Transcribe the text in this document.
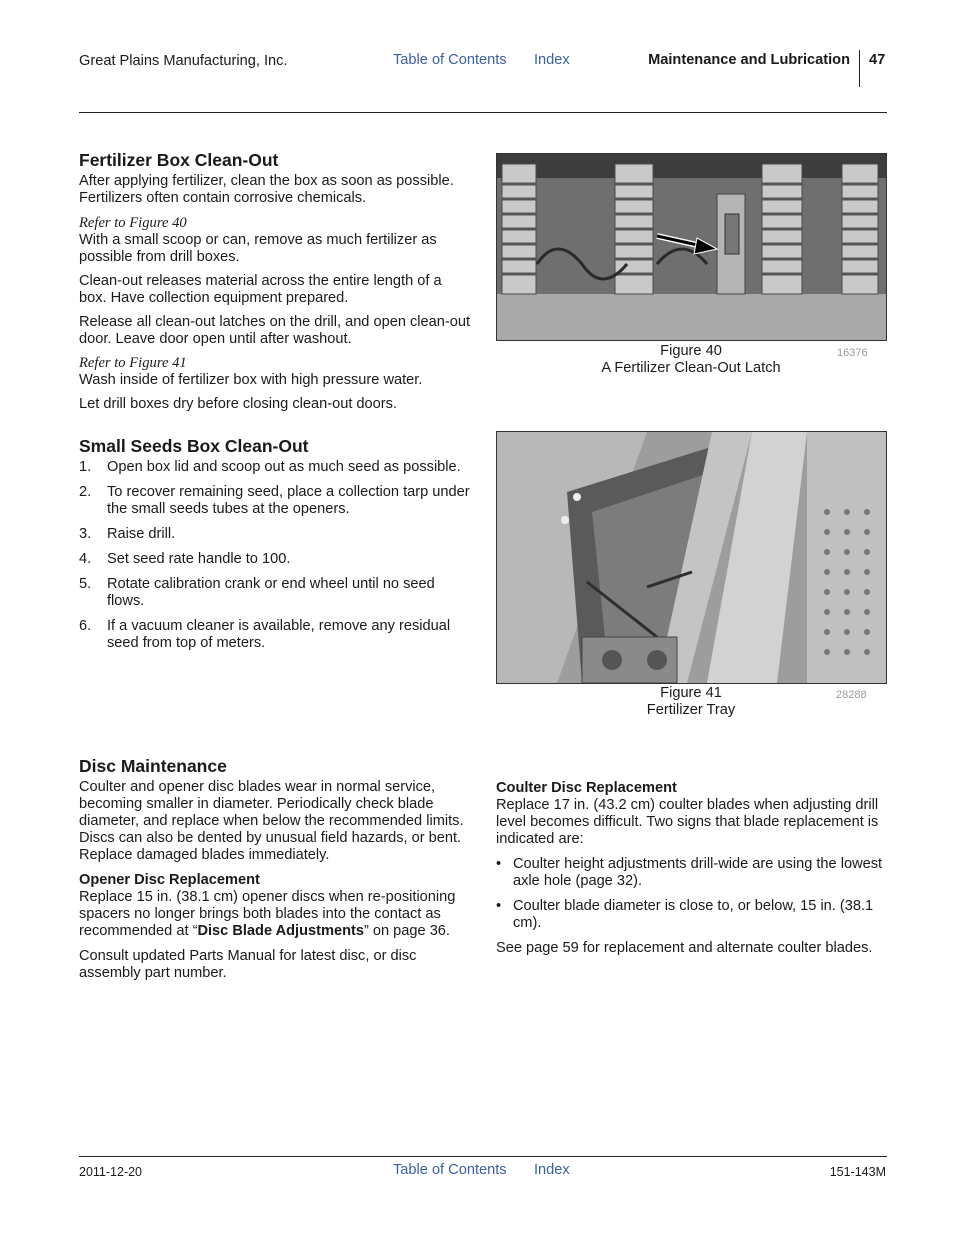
Great Plains Manufacturing, Inc.	Table of Contents Index	Maintenance and Lubrication 47
Fertilizer Box Clean-Out

After applying fertilizer, clean the box as soon as possible. Fertilizers often contain corrosive chemicals.

Refer to Figure 40

With a small scoop or can, remove as much fertilizer as possible from drill boxes.

Clean-out releases material across the entire length of a box. Have collection equipment prepared.

Release all clean-out latches on the drill, and open clean-out door. Leave door open until after washout.

Refer to Figure 41

Wash inside of fertilizer box with high pressure water.

Let drill boxes dry before closing clean-out doors.

Small Seeds Box Clean-Out
1. Open box lid and scoop out as much seed as possible.
2. To recover remaining seed, place a collection tarp under the small seeds tubes at the openers.
3. Raise drill.
4. Set seed rate handle to 100.
5. Rotate calibration crank or end wheel until no seed flows.
6. If a vacuum cleaner is available, remove any residual seed from top of meters.
Figure 40
A Fertilizer Clean-Out Latch
16376
Figure 41
Fertilizer Tray
28288
Disc Maintenance

Coulter and opener disc blades wear in normal service, becoming smaller in diameter. Periodically check blade diameter, and replace when below the recommended limits. Discs can also be dented by unusual field hazards, or bent. Replace damaged blades immediately.

Opener Disc Replacement

Replace 15 in. (38.1 cm) opener discs when re-positioning spacers no longer brings both blades into the contact as recommended at “Disc Blade Adjustments” on page 36.

Consult updated Parts Manual for latest disc, or disc assembly part number.

Coulter Disc Replacement

Replace 17 in. (43.2 cm) coulter blades when adjusting drill level becomes difficult. Two signs that blade replacement is indicated are:

• Coulter height adjustments drill-wide are using the lowest axle hole (page 32).
• Coulter blade diameter is close to, or below, 15 in. (38.1 cm).

See page 59 for replacement and alternate coulter blades.

2011-12-20	Table of Contents Index	151-143M
